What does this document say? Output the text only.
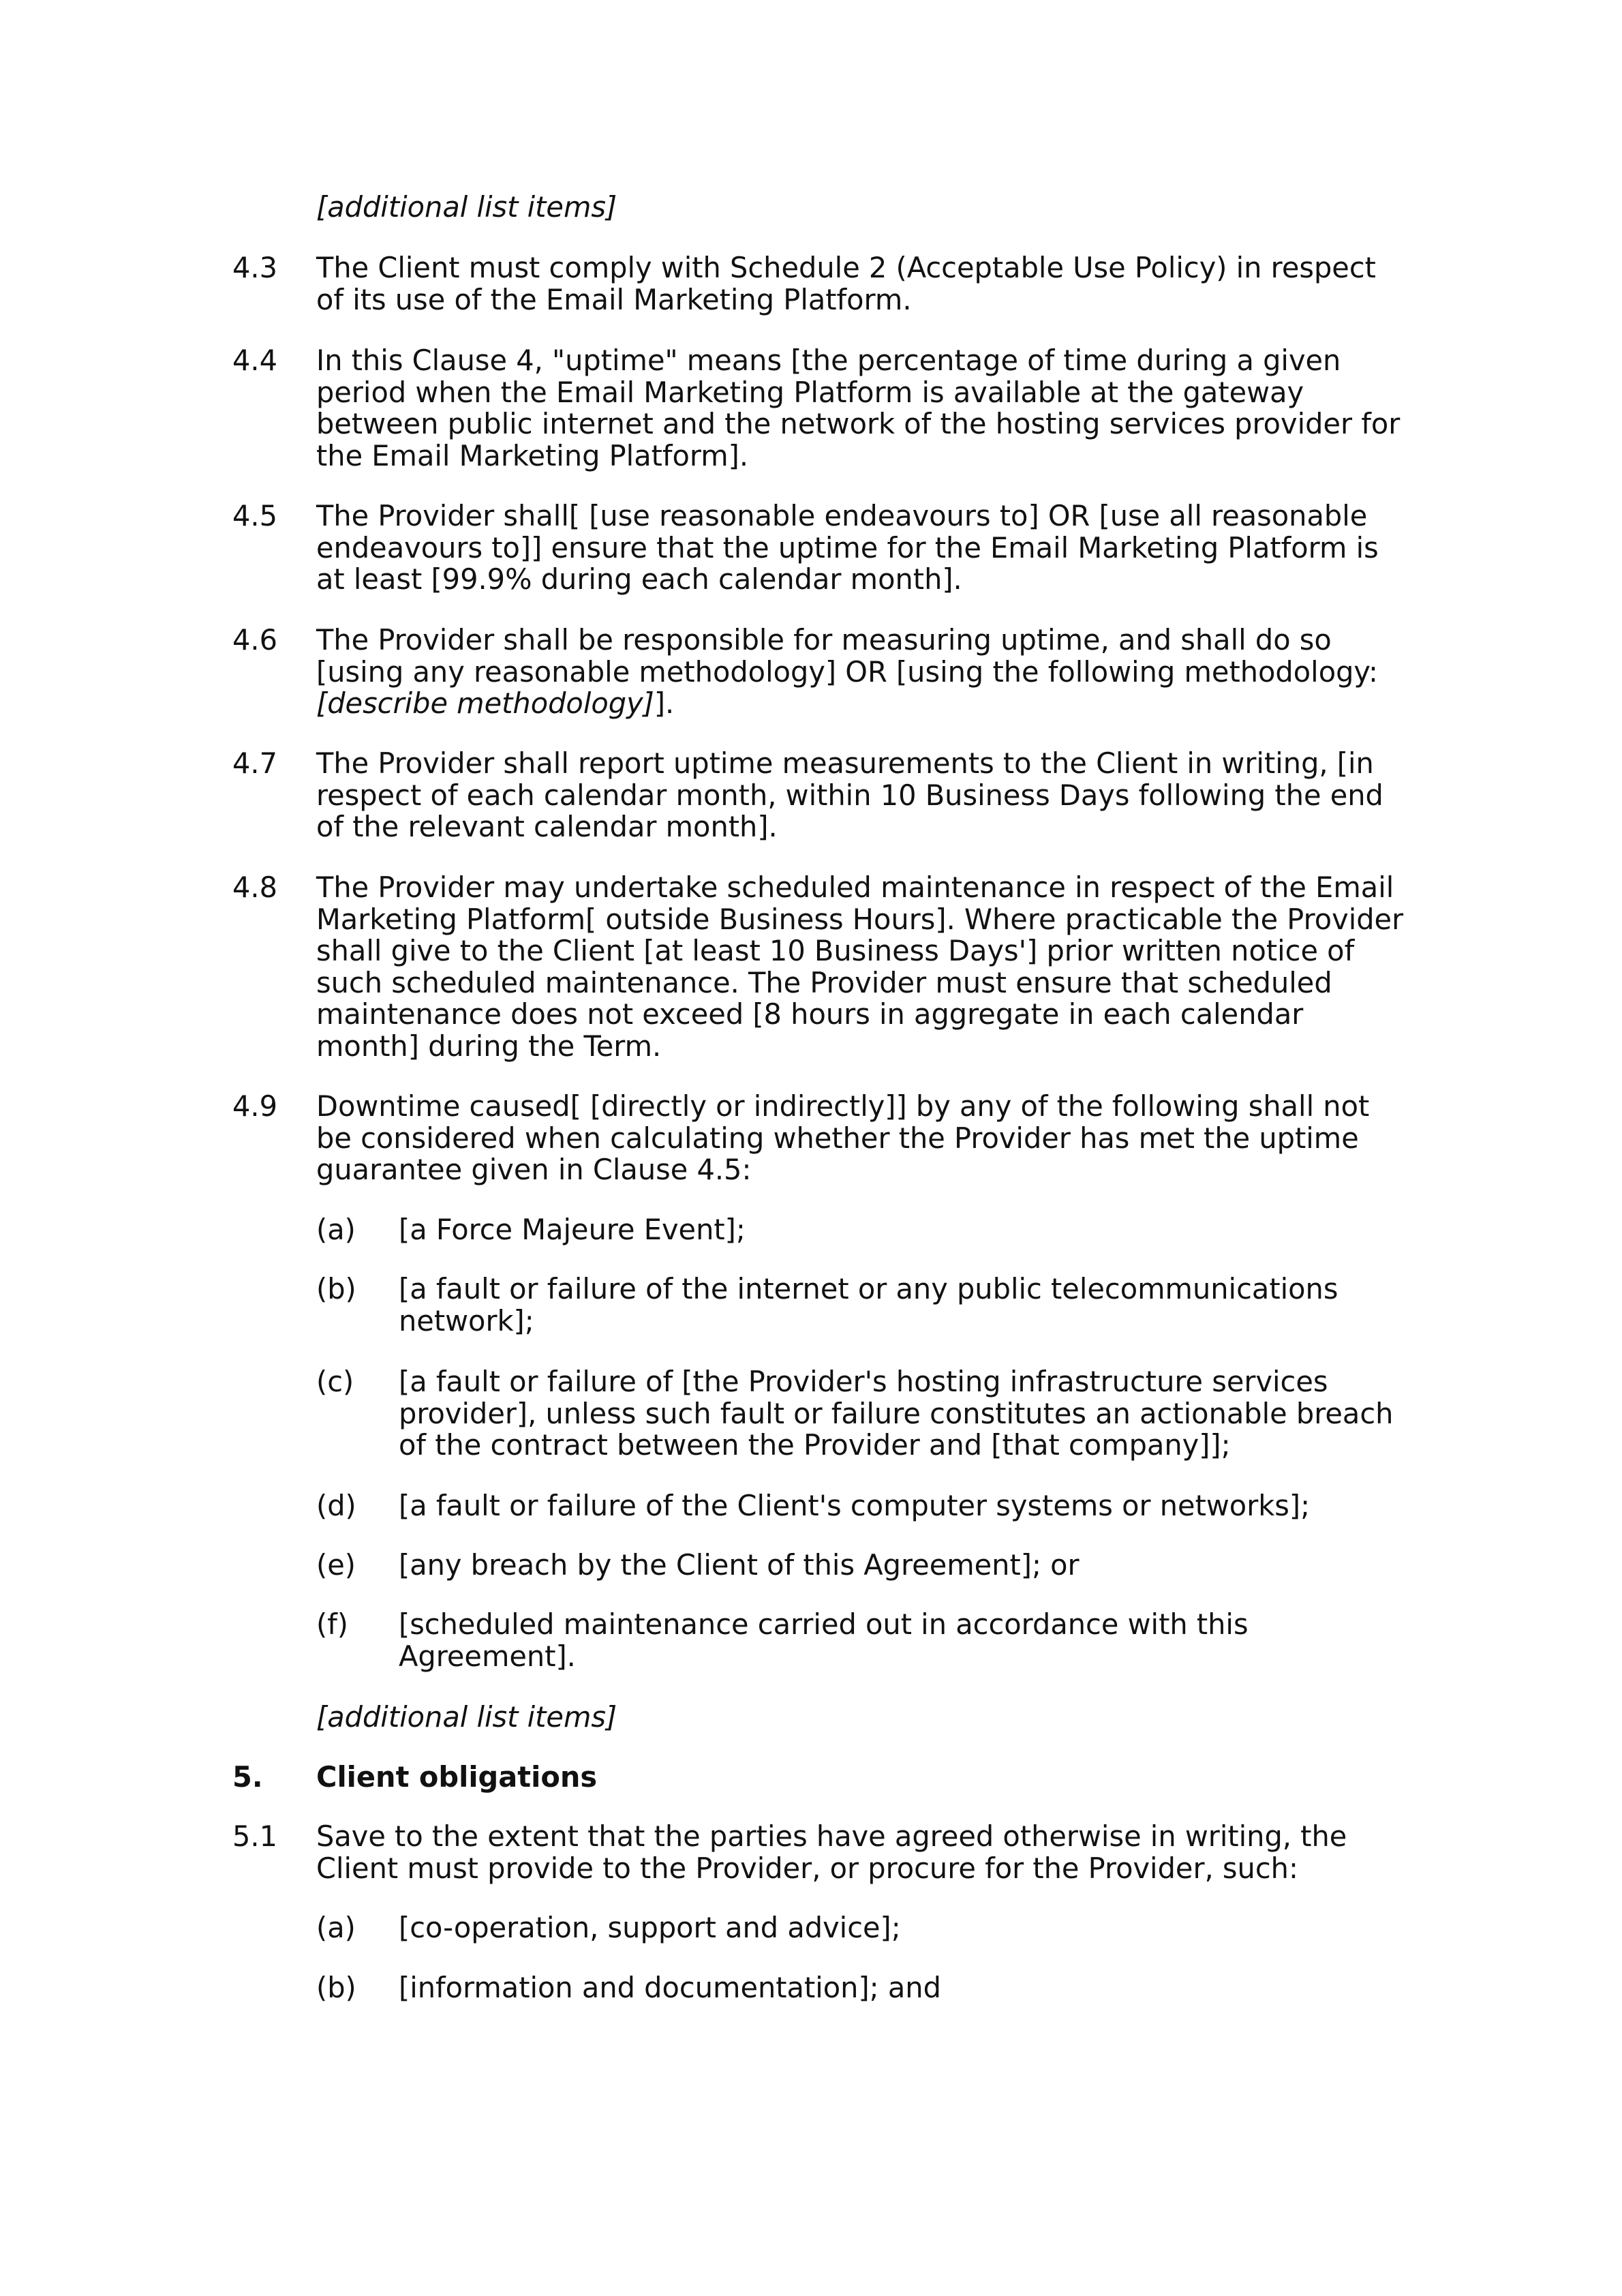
[additional list items]
4.3 The Client must comply with Schedule 2 (Acceptable Use Policy) in respect of its use of the Email Marketing Platform.
4.4 In this Clause 4, "uptime" means [the percentage of time during a given period when the Email Marketing Platform is available at the gateway between public internet and the network of the hosting services provider for the Email Marketing Platform].
4.5 The Provider shall[ [use reasonable endeavours to] OR [use all reasonable endeavours to]] ensure that the uptime for the Email Marketing Platform is at least [99.9% during each calendar month].
4.6 The Provider shall be responsible for measuring uptime, and shall do so [using any reasonable methodology] OR [using the following methodology: [describe methodology]].
4.7 The Provider shall report uptime measurements to the Client in writing, [in respect of each calendar month, within 10 Business Days following the end of the relevant calendar month].
4.8 The Provider may undertake scheduled maintenance in respect of the Email Marketing Platform[ outside Business Hours]. Where practicable the Provider shall give to the Client [at least 10 Business Days'] prior written notice of such scheduled maintenance. The Provider must ensure that scheduled maintenance does not exceed [8 hours in aggregate in each calendar month] during the Term.
4.9 Downtime caused[ [directly or indirectly]] by any of the following shall not be considered when calculating whether the Provider has met the uptime guarantee given in Clause 4.5:
(a) [a Force Majeure Event];
(b) [a fault or failure of the internet or any public telecommunications network];
(c) [a fault or failure of [the Provider's hosting infrastructure services provider], unless such fault or failure constitutes an actionable breach of the contract between the Provider and [that company]];
(d) [a fault or failure of the Client's computer systems or networks];
(e) [any breach by the Client of this Agreement]; or
(f) [scheduled maintenance carried out in accordance with this Agreement].
[additional list items]
5. Client obligations
5.1 Save to the extent that the parties have agreed otherwise in writing, the Client must provide to the Provider, or procure for the Provider, such:
(a) [co-operation, support and advice];
(b) [information and documentation]; and
